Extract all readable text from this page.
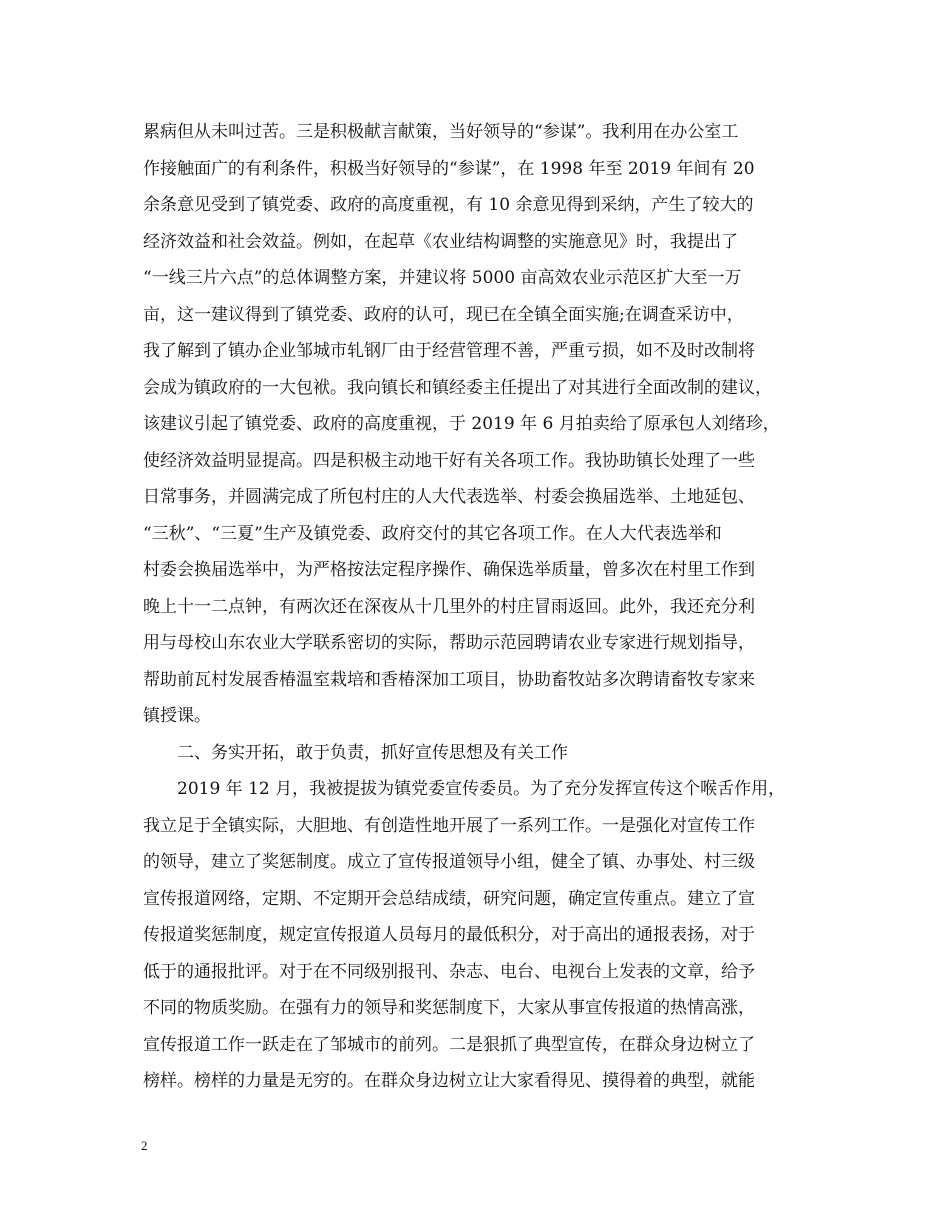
累病但从未叫过苦。三是积极献言献策，当好领导的“参谋”。我利用在办公室工
作接触面广的有利条件，积极当好领导的“参谋”，在 1998 年至 2019 年间有 20
余条意见受到了镇党委、政府的高度重视，有 10 余意见得到采纳，产生了较大的
经济效益和社会效益。例如，在起草《农业结构调整的实施意见》时，我提出了
“一线三片六点”的总体调整方案，并建议将 5000 亩高效农业示范区扩大至一万
亩，这一建议得到了镇党委、政府的认可，现已在全镇全面实施;在调查采访中，
我了解到了镇办企业邹城市轧钢厂由于经营管理不善，严重亏损，如不及时改制将
会成为镇政府的一大包袱。我向镇长和镇经委主任提出了对其进行全面改制的建议，
该建议引起了镇党委、政府的高度重视，于 2019 年 6 月拍卖给了原承包人刘绪珍，
使经济效益明显提高。四是积极主动地干好有关各项工作。我协助镇长处理了一些
日常事务，并圆满完成了所包村庄的人大代表选举、村委会换届选举、土地延包、
“三秋”、“三夏”生产及镇党委、政府交付的其它各项工作。在人大代表选举和
村委会换届选举中，为严格按法定程序操作、确保选举质量，曾多次在村里工作到
晚上十一二点钟，有两次还在深夜从十几里外的村庄冒雨返回。此外，我还充分利
用与母校山东农业大学联系密切的实际，帮助示范园聘请农业专家进行规划指导，
帮助前瓦村发展香椿温室栽培和香椿深加工项目，协助畜牧站多次聘请畜牧专家来
镇授课。
　　二、务实开拓，敢于负责，抓好宣传思想及有关工作
　　2019 年 12 月，我被提拔为镇党委宣传委员。为了充分发挥宣传这个喉舌作用，
我立足于全镇实际，大胆地、有创造性地开展了一系列工作。一是强化对宣传工作
的领导，建立了奖惩制度。成立了宣传报道领导小组，健全了镇、办事处、村三级
宣传报道网络，定期、不定期开会总结成绩，研究问题，确定宣传重点。建立了宣
传报道奖惩制度，规定宣传报道人员每月的最低积分，对于高出的通报表扬，对于
低于的通报批评。对于在不同级别报刊、杂志、电台、电视台上发表的文章，给予
不同的物质奖励。在强有力的领导和奖惩制度下，大家从事宣传报道的热情高涨，
宣传报道工作一跃走在了邹城市的前列。二是狠抓了典型宣传，在群众身边树立了
榜样。榜样的力量是无穷的。在群众身边树立让大家看得见、摸得着的典型，就能
2
